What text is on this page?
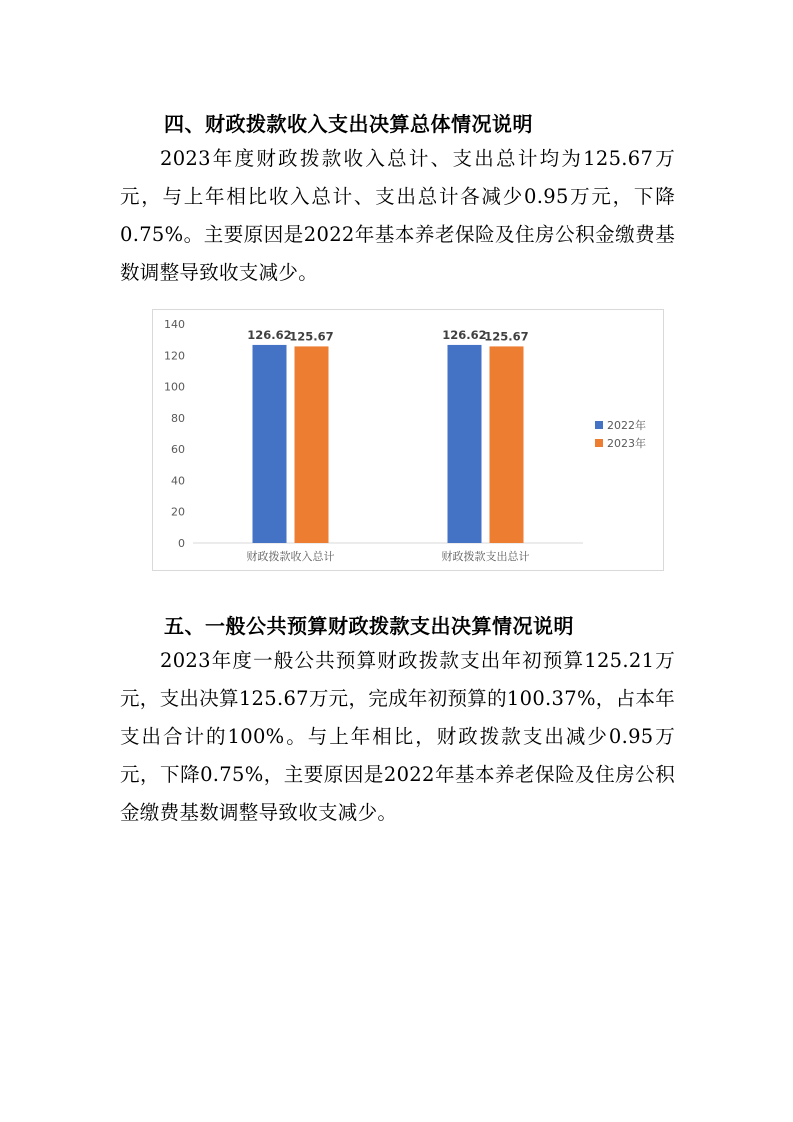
四、财政拨款收入支出决算总体情况说明

2023年度财政拨款收入总计、支出总计均为125.67万元，与上年相比收入总计、支出总计各减少0.95万元，下降0.75%。主要原因是2022年基本养老保险及住房公积金缴费基数调整导致收支减少。

0
20
40
60
80
100
120
140
126.62
125.67
财政拨款收入总计
126.62
125.67
财政拨款支出总计
2022年
2023年
五、一般公共预算财政拨款支出决算情况说明

2023年度一般公共预算财政拨款支出年初预算125.21万元，支出决算125.67万元，完成年初预算的100.37%，占本年支出合计的100%。与上年相比，财政拨款支出减少0.95万元，下降0.75%，主要原因是2022年基本养老保险及住房公积金缴费基数调整导致收支减少。
